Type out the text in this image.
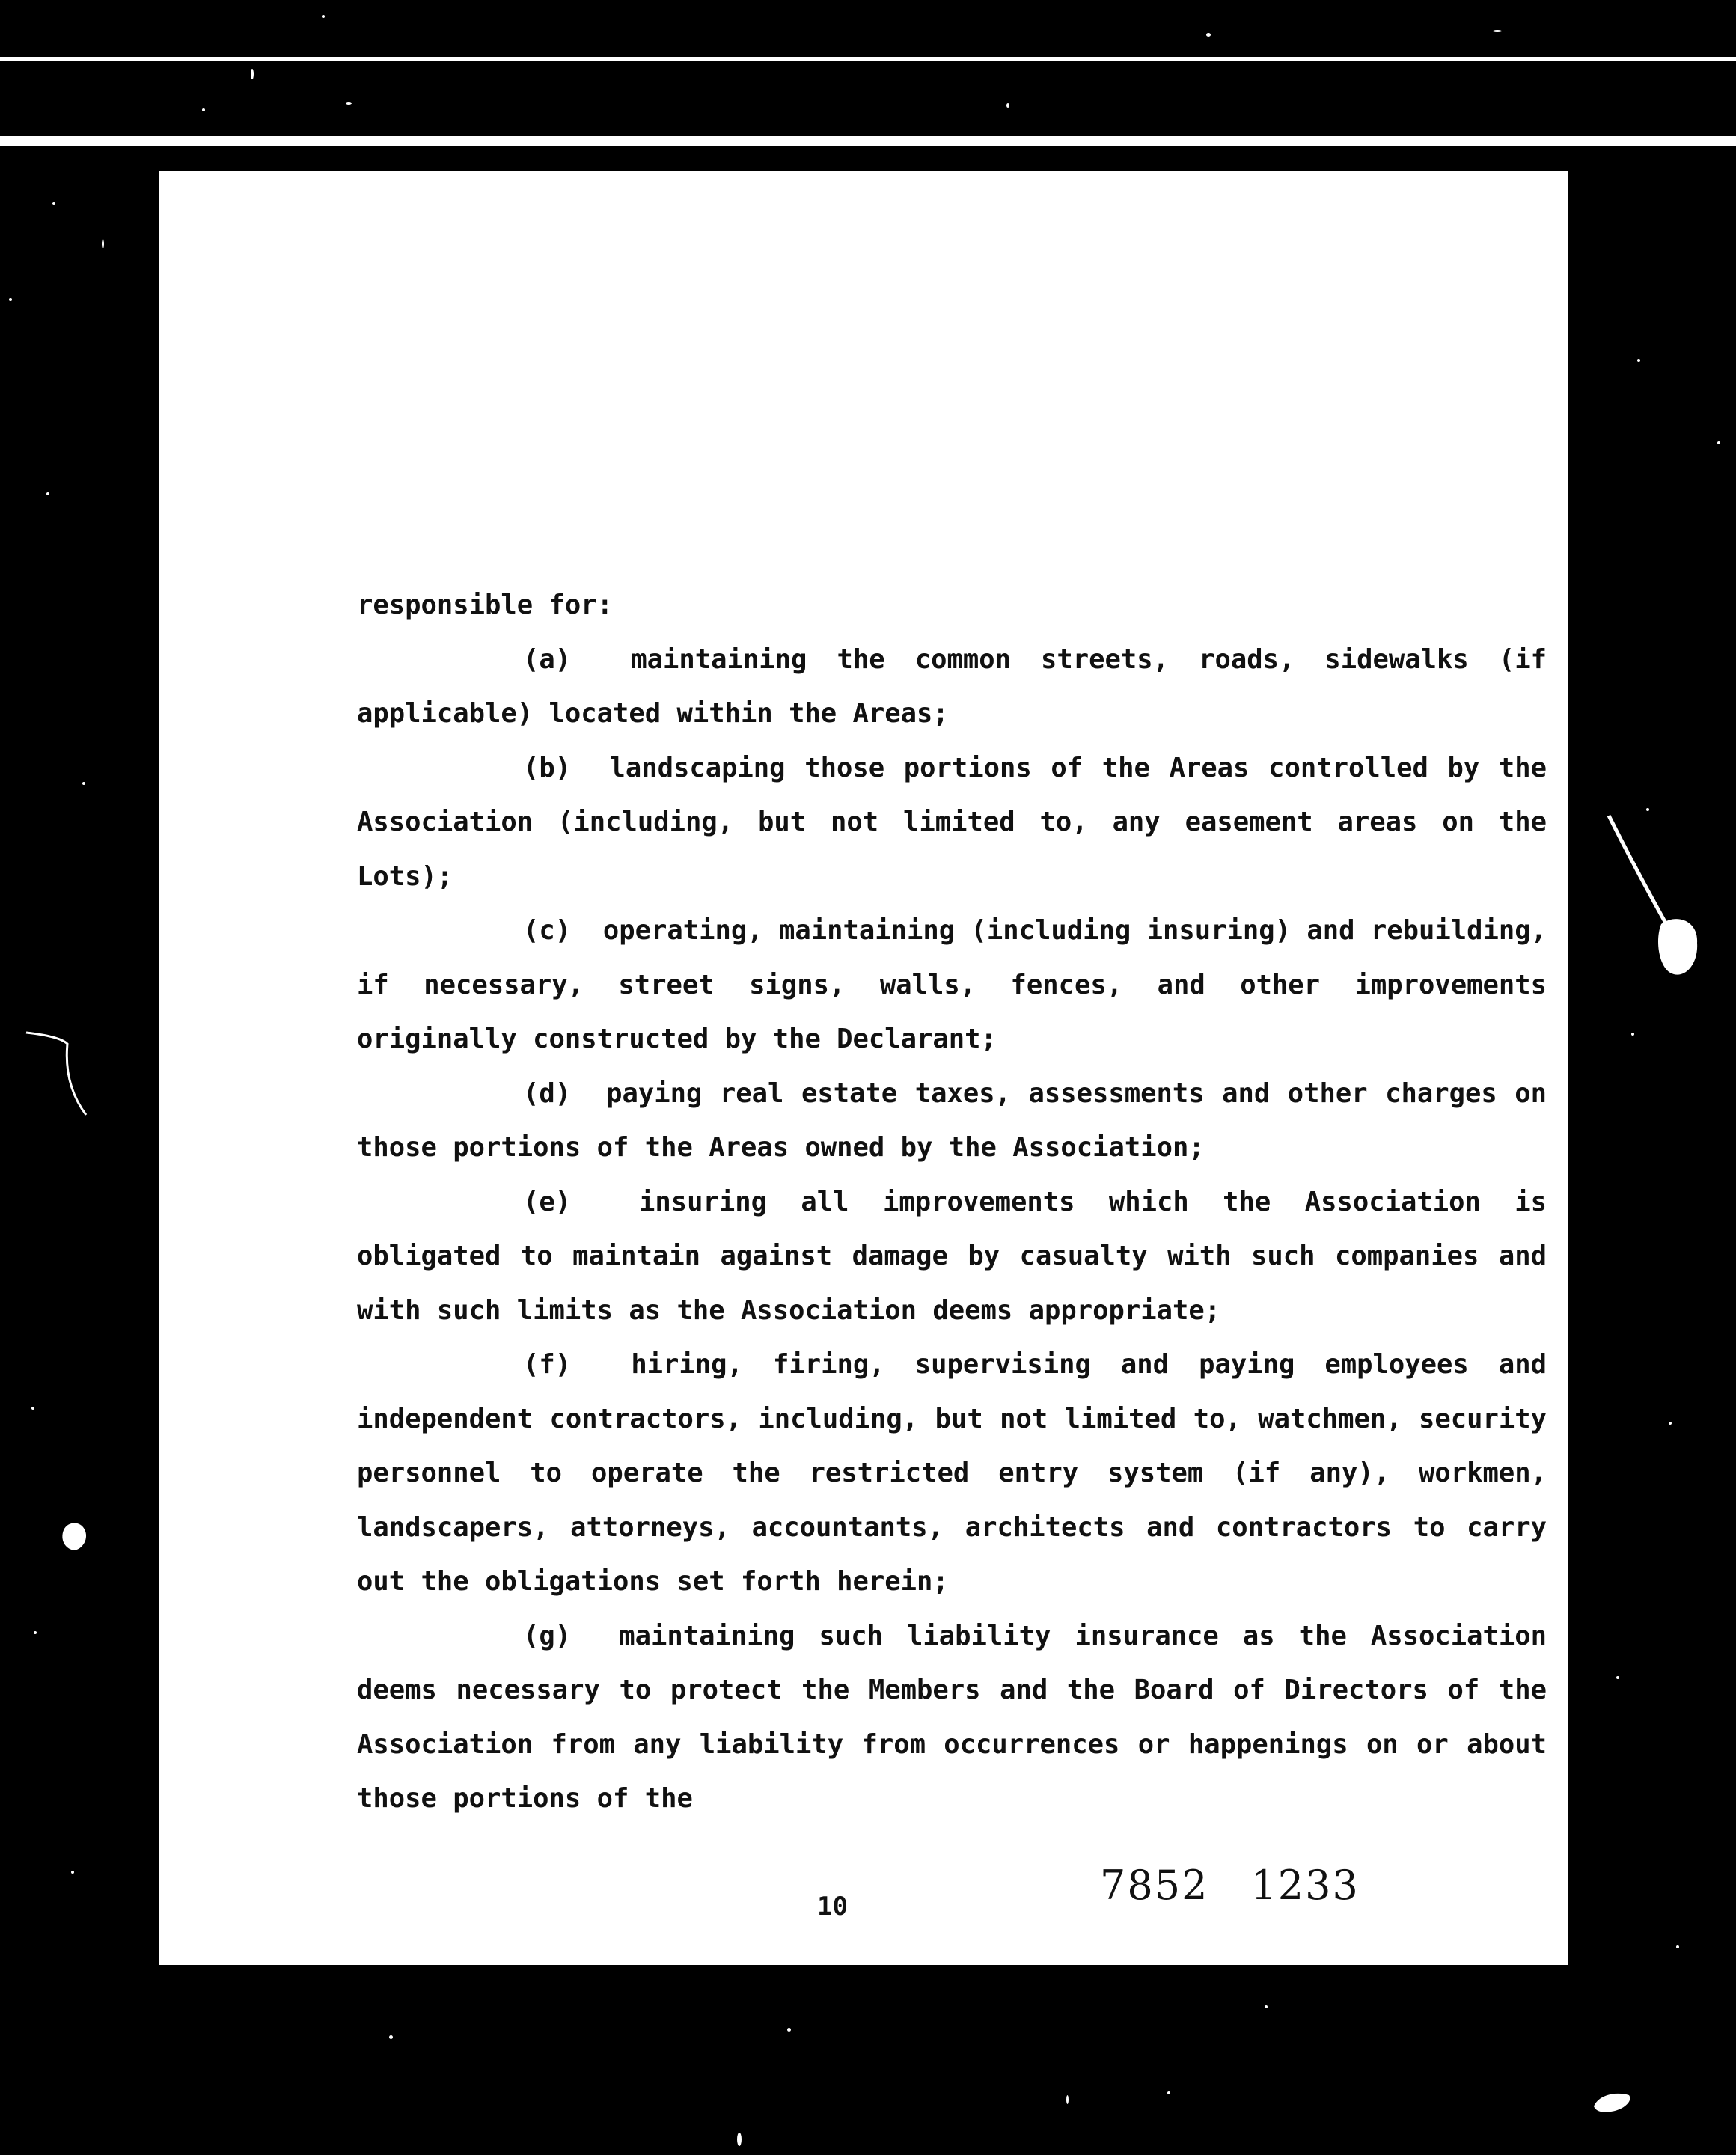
responsible for:

(a) maintaining the common streets, roads, sidewalks (if applicable) located within the Areas;

(b) landscaping those portions of the Areas controlled by the Association (including, but not limited to, any easement areas on the Lots);

(c) operating, maintaining (including insuring) and rebuilding, if necessary, street signs, walls, fences, and other improvements originally constructed by the Declarant;

(d) paying real estate taxes, assessments and other charges on those portions of the Areas owned by the Association;

(e)	insuring all improvements which the Association is obligated to maintain against damage by casualty with such companies and with such limits as the Association deems appropriate;

(f) hiring, firing, supervising and paying employees and independent contractors, including, but not limited to, watchmen, security personnel to operate the restricted entry system (if any), workmen, landscapers, attorneys, accountants, architects and contractors to carry out the obligations set forth herein;

(g) maintaining such liability insurance as the Association deems necessary to protect the Members and the Board of Directors of the Association from any liability from occurrences or happenings on or about those portions of the

10	7852 1233
